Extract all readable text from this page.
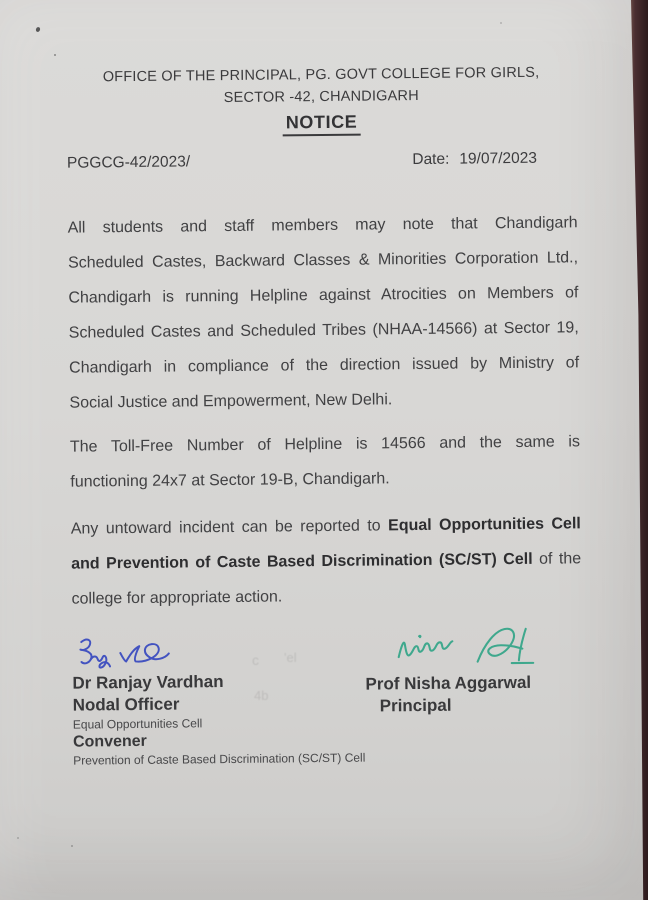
OFFICE OF THE PRINCIPAL, PG. GOVT COLLEGE FOR GIRLS,
SECTOR -42, CHANDIGARH
NOTICE
PGGCG-42/2023/	Date: 19/07/2023
All students and staff members may note that Chandigarh
Scheduled Castes, Backward Classes & Minorities Corporation Ltd.,
Chandigarh is running Helpline against Atrocities on Members of
Scheduled Castes and Scheduled Tribes (NHAA-14566) at Sector 19,
Chandigarh in compliance of the direction issued by Ministry of
Social Justice and Empowerment, New Delhi.
The Toll-Free Number of Helpline is 14566 and the same is
functioning 24x7 at Sector 19-B, Chandigarh.
Any untoward incident can be reported to Equal Opportunities Cell
and Prevention of Caste Based Discrimination (SC/ST) Cell of the
college for appropriate action.
Dr Ranjay Vardhan
Nodal Officer
Equal Opportunities Cell
Convener
Prevention of Caste Based Discrimination (SC/ST) Cell
Prof Nisha Aggarwal
Principal
c 'el
4b
